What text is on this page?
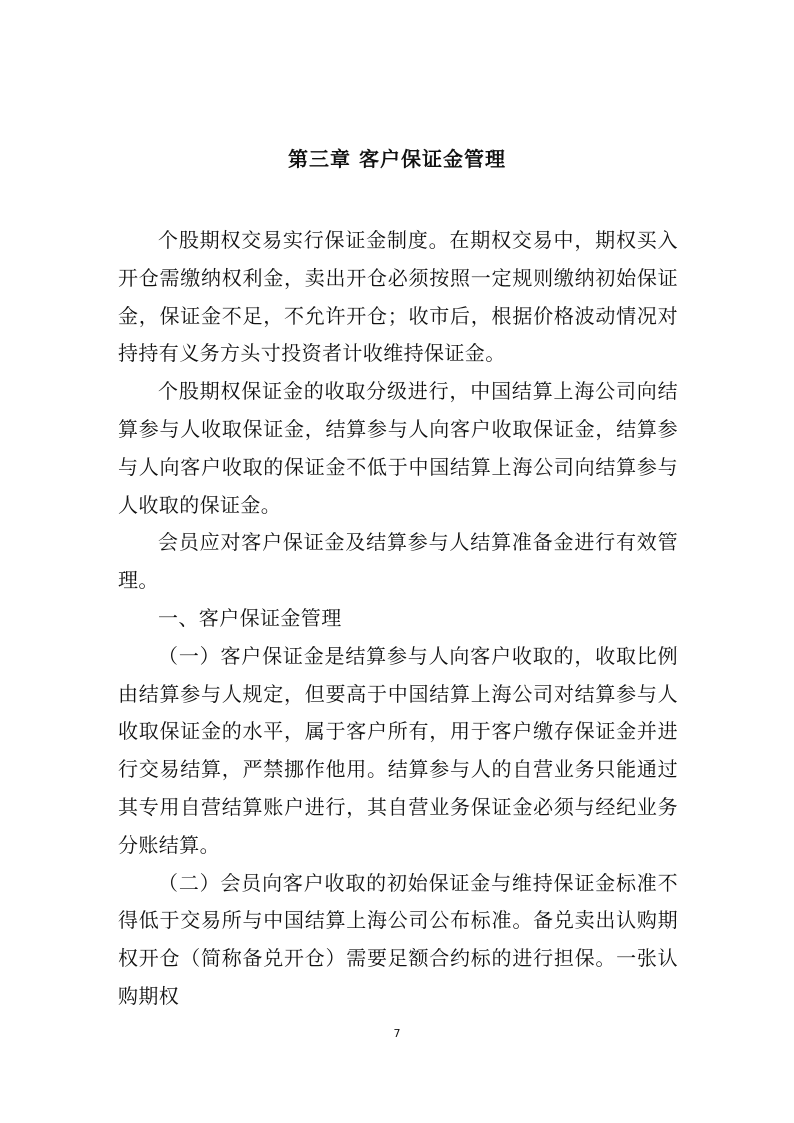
第三章 客户保证金管理

个股期权交易实行保证金制度。在期权交易中，期权买入开仓需缴纳权利金，卖出开仓必须按照一定规则缴纳初始保证金，保证金不足，不允许开仓；收市后，根据价格波动情况对持持有义务方头寸投资者计收维持保证金。

个股期权保证金的收取分级进行，中国结算上海公司向结算参与人收取保证金，结算参与人向客户收取保证金，结算参与人向客户收取的保证金不低于中国结算上海公司向结算参与人收取的保证金。

会员应对客户保证金及结算参与人结算准备金进行有效管理。

一、客户保证金管理

（一）客户保证金是结算参与人向客户收取的，收取比例由结算参与人规定，但要高于中国结算上海公司对结算参与人收取保证金的水平，属于客户所有，用于客户缴存保证金并进行交易结算，严禁挪作他用。结算参与人的自营业务只能通过其专用自营结算账户进行，其自营业务保证金必须与经纪业务分账结算。

（二）会员向客户收取的初始保证金与维持保证金标准不得低于交易所与中国结算上海公司公布标准。备兑卖出认购期权开仓（简称备兑开仓）需要足额合约标的进行担保。一张认购期权

7
